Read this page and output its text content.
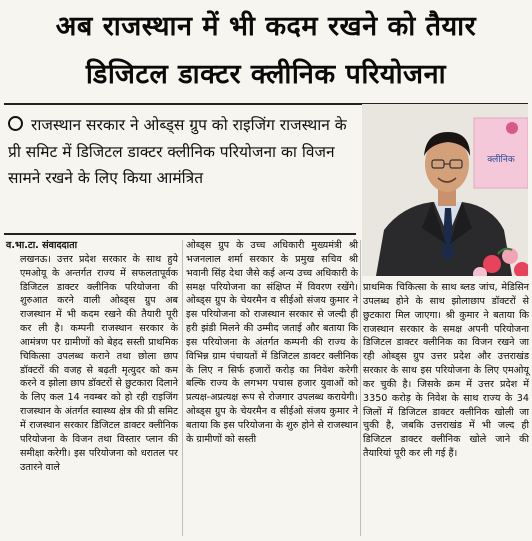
अब राजस्थान में भी कदम रखने को तैयार
डिजिटल डाक्टर क्लीनिक परियोजना
राजस्थान सरकार ने ओब्ड्स ग्रुप को राइजिंग राजस्थान के प्री समिट में डिजिटल डाक्टर क्लीनिक परियोजना का विजन सामने रखने के लिए किया आमंत्रित
क्लीनिक
व.भा.टा. संवाददाता

लखनऊ। उत्तर प्रदेश सरकार के साथ हुये एमओयू के अन्तर्गत राज्य में सफलतापूर्वक डिजिटल डाक्टर क्लीनिक परियोजना की शुरुआत करने वाली ओब्ड्स ग्रुप अब राजस्थान में भी कदम रखने की तैयारी पूरी कर ली है। कम्पनी राजस्थान सरकार के आमंत्रण पर ग्रामीणों को बेहद सस्ती प्राथमिक चिकित्सा उपलब्ध कराने तथा छोला छाप डॉक्टरों की वजह से बढ़ती मृत्युदर को कम करने व झोला छाप डॉक्टरों से छुटकारा दिलाने के लिए कल 14 नवम्बर को हो रही राइजिंग राजस्थान के अंतर्गत स्वास्थ्य क्षेत्र की प्री समिट में राजस्थान सरकार डिजिटल डाक्टर क्लीनिक परियोजना के विजन तथा विस्तार प्लान की समीक्षा करेगी। इस परियोजना को धरातल पर उतारने वाले

ओब्ड्स ग्रुप के उच्च अधिकारी मुख्यमंत्री श्री भजनलाल शर्मा सरकार के प्रमुख सचिव श्री भवानी सिंह देथा जैसे कई अन्य उच्च अधिकारी के समक्ष परियोजना का संक्षिप्त में विवरण रखेंगे। ओब्ड्स ग्रुप के चेयरमैन व सीईओ संजय कुमार ने इस परियोजना को राजस्थान सरकार से जल्दी ही हरी झंडी मिलने की उम्मीद जताई और बताया कि इस परियोजना के अंतर्गत कम्पनी की राज्य के विभिन्न ग्राम पंचायतों में डिजिटल डाक्टर क्लीनिक के लिए न सिर्फ हजारों करोड़ का निवेश करेगी बल्कि राज्य के लगभग पचास हजार युवाओं को प्रत्यक्ष-अप्रत्यक्ष रूप से रोजगार उपलब्ध करायेगी। ओब्ड्स ग्रुप के चेयरमैन व सीईओ संजय कुमार ने बताया कि इस परियोजना के शुरु होने से राजस्थान के ग्रामीणों को सस्ती

प्राथमिक चिकित्सा के साथ ब्लड जांच, मेडिसिन उपलब्ध होने के साथ झोलाछाप डॉक्टरों से छुटकारा मिल जाएगा। श्री कुमार ने बताया कि राजस्थान सरकार के समक्ष अपनी परियोजना डिजिटल डाक्टर क्लीनिक का विजन रखने जा रही ओब्ड्स ग्रुप उत्तर प्रदेश और उत्तराखंड सरकार के साथ इस परियोजना के लिए एमओयू कर चुकी है। जिसके क्रम में उत्तर प्रदेश में 3350 करोड़ के निवेश के साथ राज्य के 34 जिलों में डिजिटल डाक्टर क्लीनिक खोली जा चुकी है, जबकि उत्तराखंड में भी जल्द ही डिजिटल डाक्टर क्लीनिक खोले जाने की तैयारियां पूरी कर ली गई हैं।
